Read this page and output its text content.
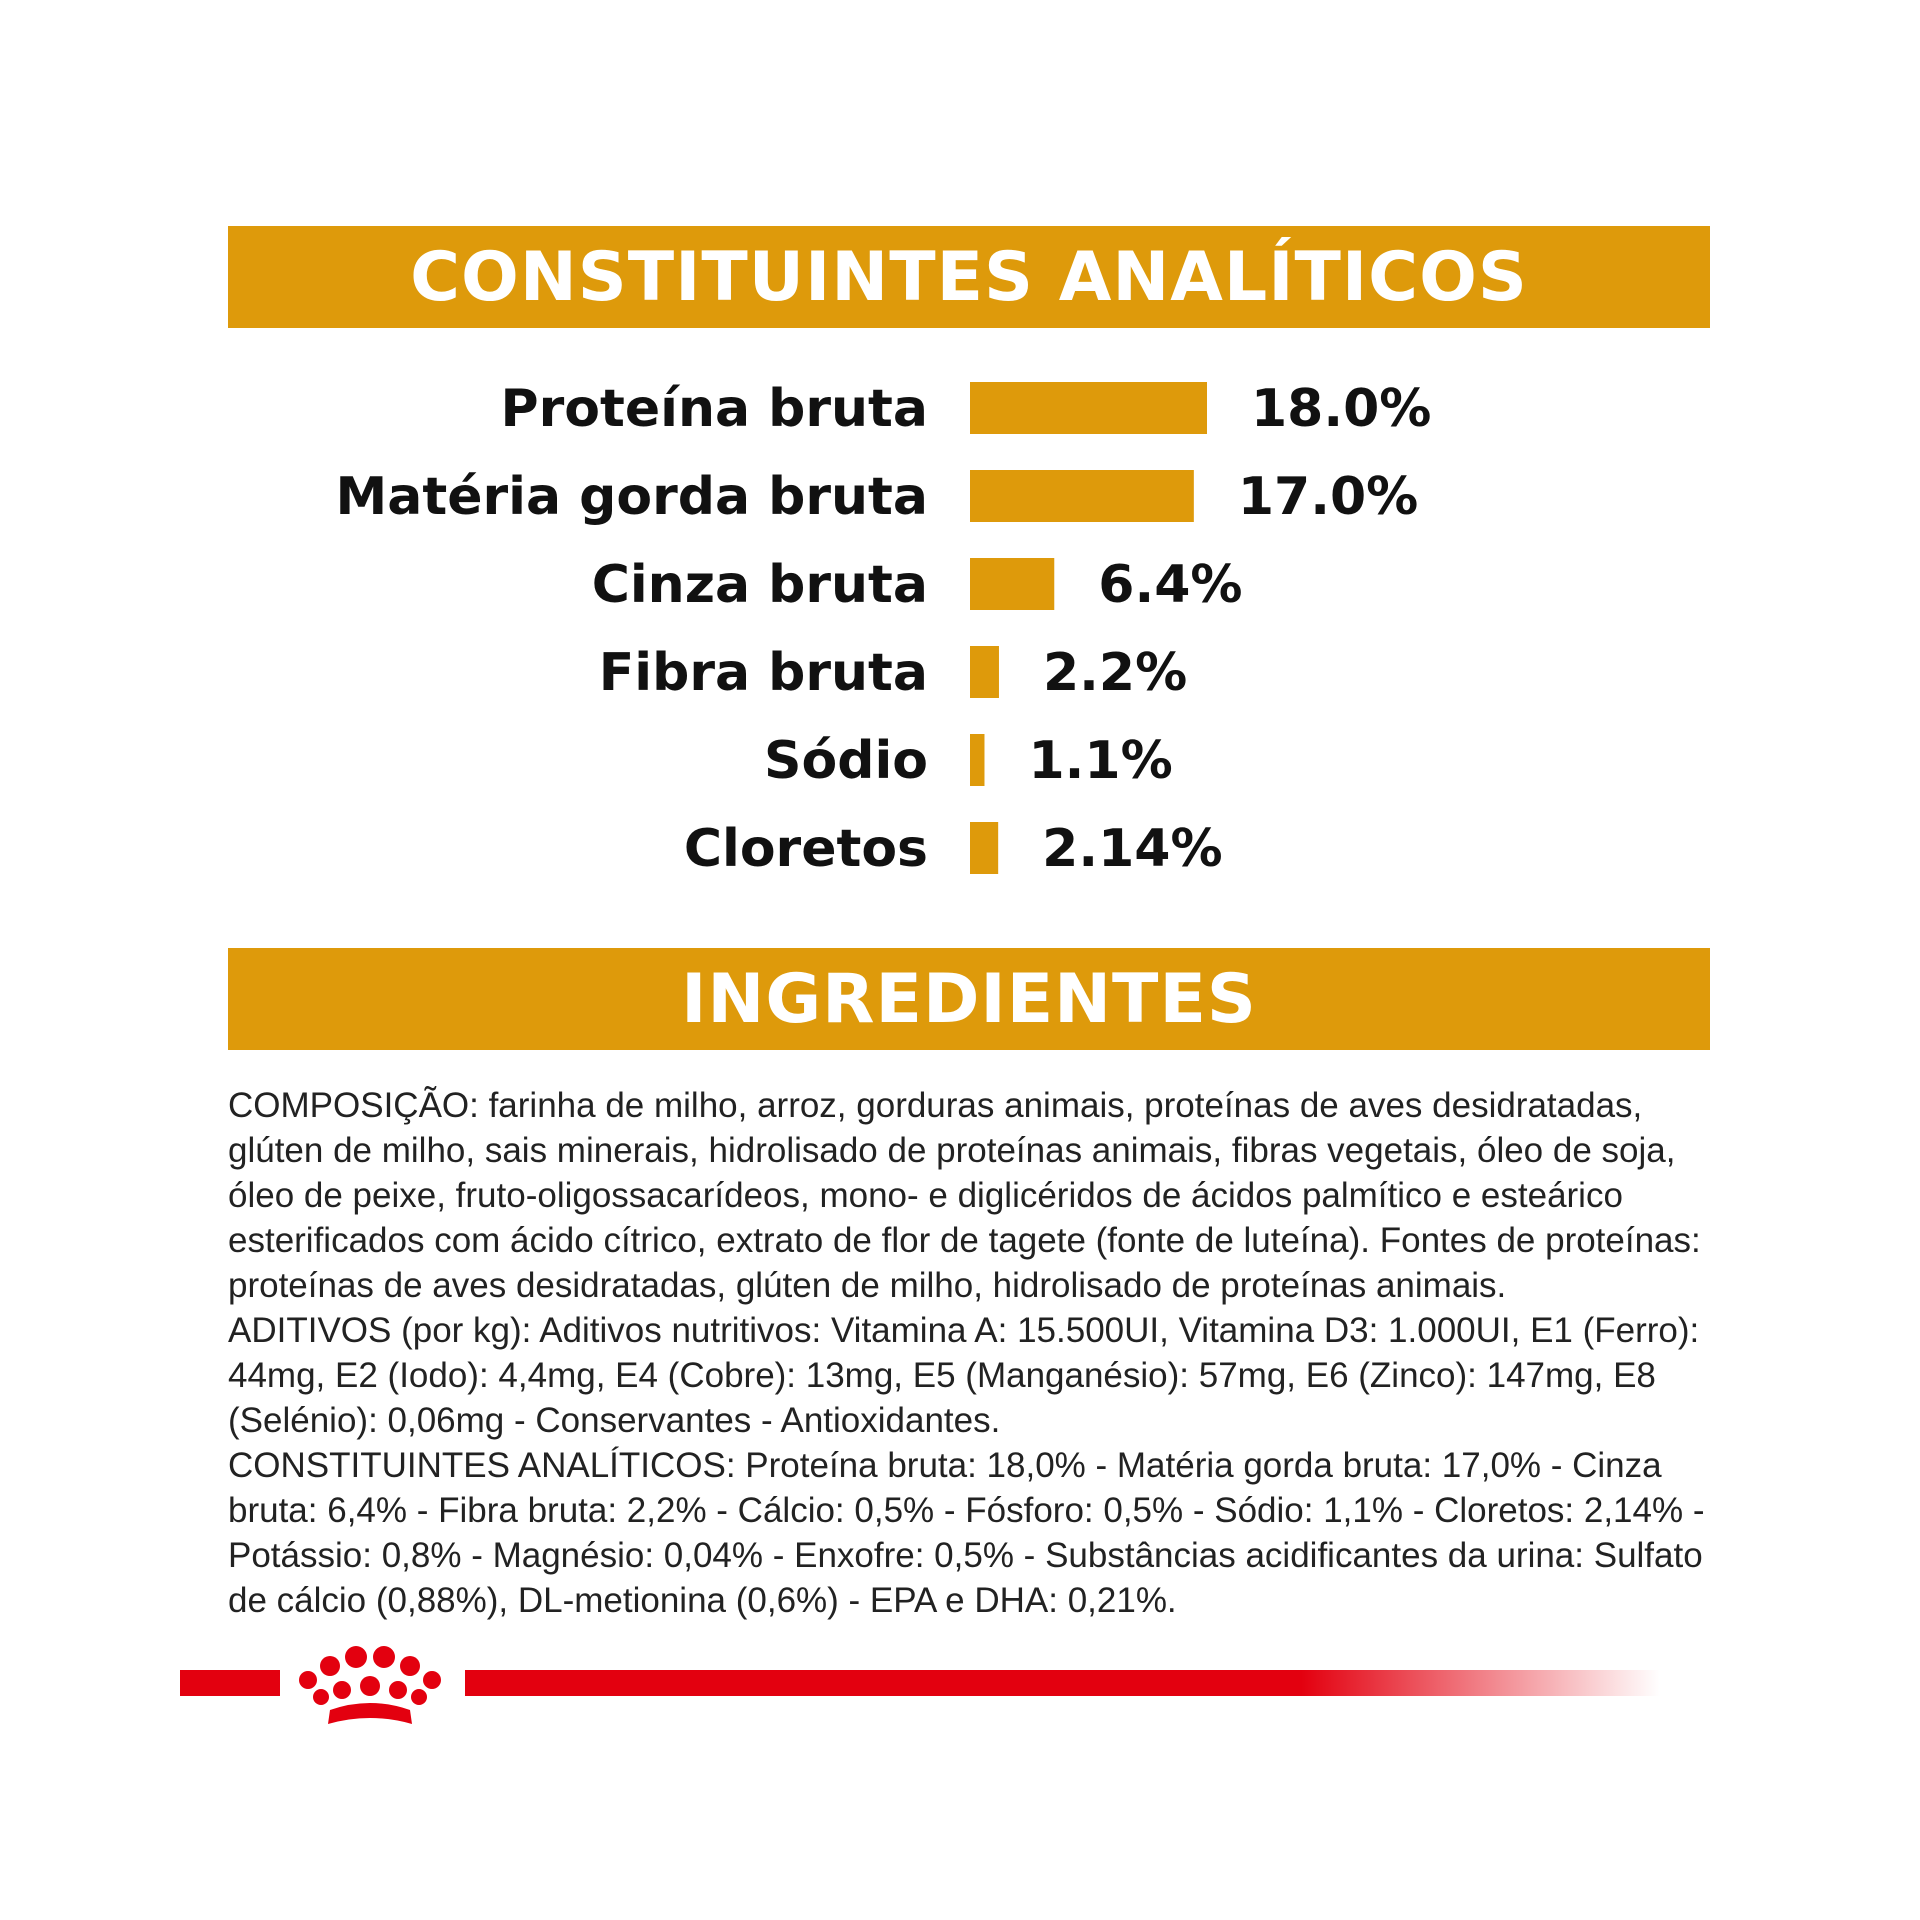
CONSTITUINTES ANALÍTICOS
Proteína bruta	18.0%
Matéria gorda bruta	17.0%
Cinza bruta	6.4%
Fibra bruta 2.2%
Sódio 1.1%
Cloretos 2.14%
INGREDIENTES

COMPOSIÇÃO: farinha de milho, arroz, gorduras animais, proteínas de aves desidratadas, glúten de milho, sais minerais, hidrolisado de proteínas animais, fibras vegetais, óleo de soja, óleo de peixe, fruto-oligossacarídeos, mono- e diglicéridos de ácidos palmítico e esteárico esterificados com ácido cítrico, extrato de flor de tagete (fonte de luteína). Fontes de proteínas: proteínas de aves desidratadas, glúten de milho, hidrolisado de proteínas animais.

ADITIVOS (por kg): Aditivos nutritivos: Vitamina A: 15.500UI, Vitamina D3: 1.000UI, E1 (Ferro): 44mg, E2 (Iodo): 4,4mg, E4 (Cobre): 13mg, E5 (Manganésio): 57mg, E6 (Zinco): 147mg, E8 (Selénio): 0,06mg - Conservantes - Antioxidantes.

CONSTITUINTES ANALÍTICOS: Proteína bruta: 18,0% - Matéria gorda bruta: 17,0% - Cinza bruta: 6,4% - Fibra bruta: 2,2% - Cálcio: 0,5% - Fósforo: 0,5% - Sódio: 1,1% - Cloretos: 2,14% - Potássio: 0,8% - Magnésio: 0,04% - Enxofre: 0,5% - Substâncias acidificantes da urina: Sulfato de cálcio (0,88%), DL-metionina (0,6%) - EPA e DHA: 0,21%.
